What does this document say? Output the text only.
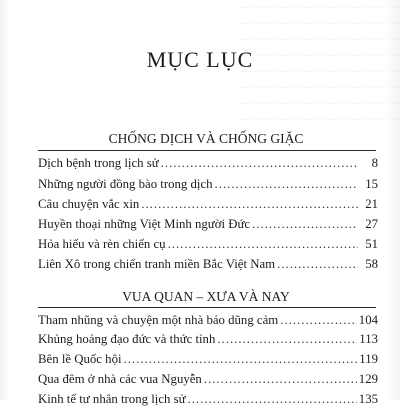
— — — — — — — — — — — — —
— — — — — — — — — — — — —
— — — — — — — — — — — — —
— — — — — — — — — — — — —
— — — — — — — — — — — — —
— — — — — — — — — — — — —
— — — — — — — — — — — — —
— — — — — — — — — — — — —
MỤC LỤC
CHỐNG DỊCH VÀ CHỐNG GIẶC
Dịch bệnh trong lịch sử .....	8
Những người đồng bào trong dịch .....	15
Câu chuyện vắc xin .....	21
Huyền thoại những Việt Minh người Đức .....	27
Hỏa hiếu và rèn chiến cụ .....	51
Liên Xô trong chiến tranh miền Bắc Việt Nam .....	58
VUA QUAN – XƯA VÀ NAY
Tham nhũng và chuyện một nhà báo dũng cảm .....	104
Khủng hoảng đạo đức và thức tỉnh .....	113
Bên lề Quốc hội .....	119
Qua đêm ở nhà các vua Nguyễn .....	129
Kinh tế tư nhân trong lịch sử .....	135
